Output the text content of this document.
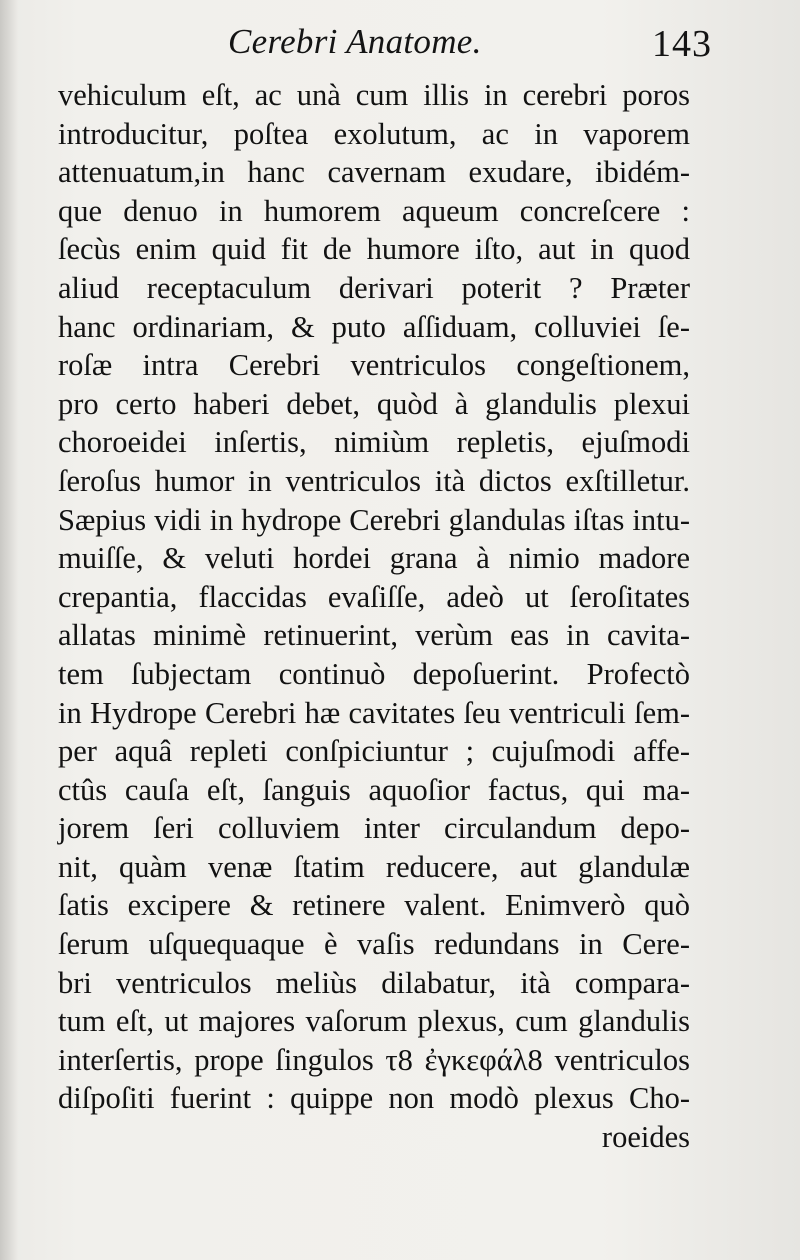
Cerebri Anatome.	143
vehiculum eſt, ac unà cum illis in cerebri poros
introducitur, poſtea exolutum, ac in vaporem
attenuatum,in hanc cavernam exudare, ibidém-
que denuo in humorem aqueum concreſcere :
ſecùs enim quid fit de humore iſto, aut in quod
aliud receptaculum derivari poterit ? Præter
hanc ordinariam, & puto aſſiduam, colluviei ſe-
roſæ intra Cerebri ventriculos congeſtionem,
pro certo haberi debet, quòd à glandulis plexui
choroeidei inſertis, nimiùm repletis, ejuſmodi
ſeroſus humor in ventriculos ità dictos exſtilletur.
Sæpius vidi in hydrope Cerebri glandulas iſtas intu-
muiſſe, & veluti hordei grana à nimio madore
crepantia, flaccidas evaſiſſe, adeò ut ſeroſitates
allatas minimè retinuerint, verùm eas in cavita-
tem ſubjectam continuò depoſuerint. Profectò
in Hydrope Cerebri hæ cavitates ſeu ventriculi ſem-
per aquâ repleti conſpiciuntur ; cujuſmodi affe-
ctûs cauſa eſt, ſanguis aquoſior factus, qui ma-
jorem ſeri colluviem inter circulandum depo-
nit, quàm venæ ſtatim reducere, aut glandulæ
ſatis excipere & retinere valent. Enimverò quò
ſerum uſquequaque è vaſis redundans in Cere-
bri ventriculos meliùs dilabatur, ità compara-
tum eſt, ut majores vaſorum plexus, cum glandulis
interſertis, prope ſingulos τ8 ἐγκεφάλ8 ventriculos
diſpoſiti fuerint : quippe non modò plexus Cho-
roeides
